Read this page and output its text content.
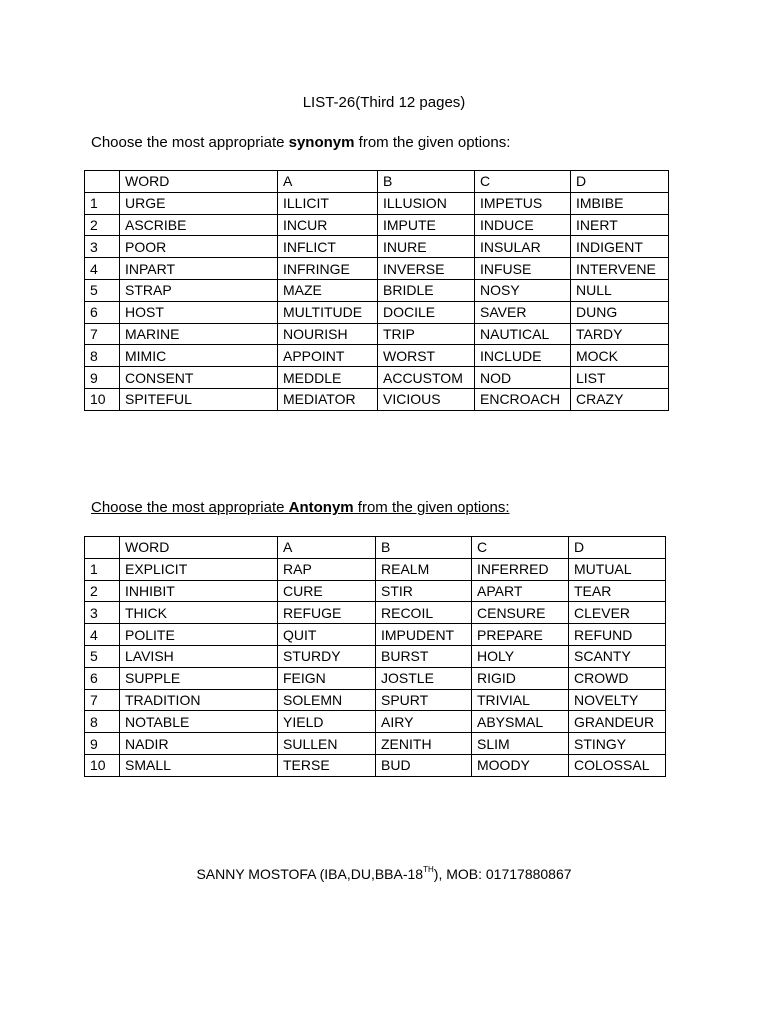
LIST-26(Third 12 pages)
Choose the most appropriate synonym from the given options:
	WORD	A	B	C	D
1	URGE	ILLICIT	ILLUSION	IMPETUS	IMBIBE
2	ASCRIBE	INCUR	IMPUTE	INDUCE	INERT
3	POOR	INFLICT	INURE	INSULAR	INDIGENT
4	INPART	INFRINGE	INVERSE	INFUSE	INTERVENE
5	STRAP	MAZE	BRIDLE	NOSY	NULL
6	HOST	MULTITUDE	DOCILE	SAVER	DUNG
7	MARINE	NOURISH	TRIP	NAUTICAL	TARDY
8	MIMIC	APPOINT	WORST	INCLUDE	MOCK
9	CONSENT	MEDDLE	ACCUSTOM	NOD	LIST
10	SPITEFUL	MEDIATOR	VICIOUS	ENCROACH	CRAZY
Choose the most appropriate Antonym from the given options:
	WORD	A	B	C	D
1	EXPLICIT	RAP	REALM	INFERRED	MUTUAL
2	INHIBIT	CURE	STIR	APART	TEAR
3	THICK	REFUGE	RECOIL	CENSURE	CLEVER
4	POLITE	QUIT	IMPUDENT	PREPARE	REFUND
5	LAVISH	STURDY	BURST	HOLY	SCANTY
6	SUPPLE	FEIGN	JOSTLE	RIGID	CROWD
7	TRADITION	SOLEMN	SPURT	TRIVIAL	NOVELTY
8	NOTABLE	YIELD	AIRY	ABYSMAL	GRANDEUR
9	NADIR	SULLEN	ZENITH	SLIM	STINGY
10	SMALL	TERSE	BUD	MOODY	COLOSSAL
SANNY MOSTOFA (IBA,DU,BBA-18TH), MOB: 01717880867
